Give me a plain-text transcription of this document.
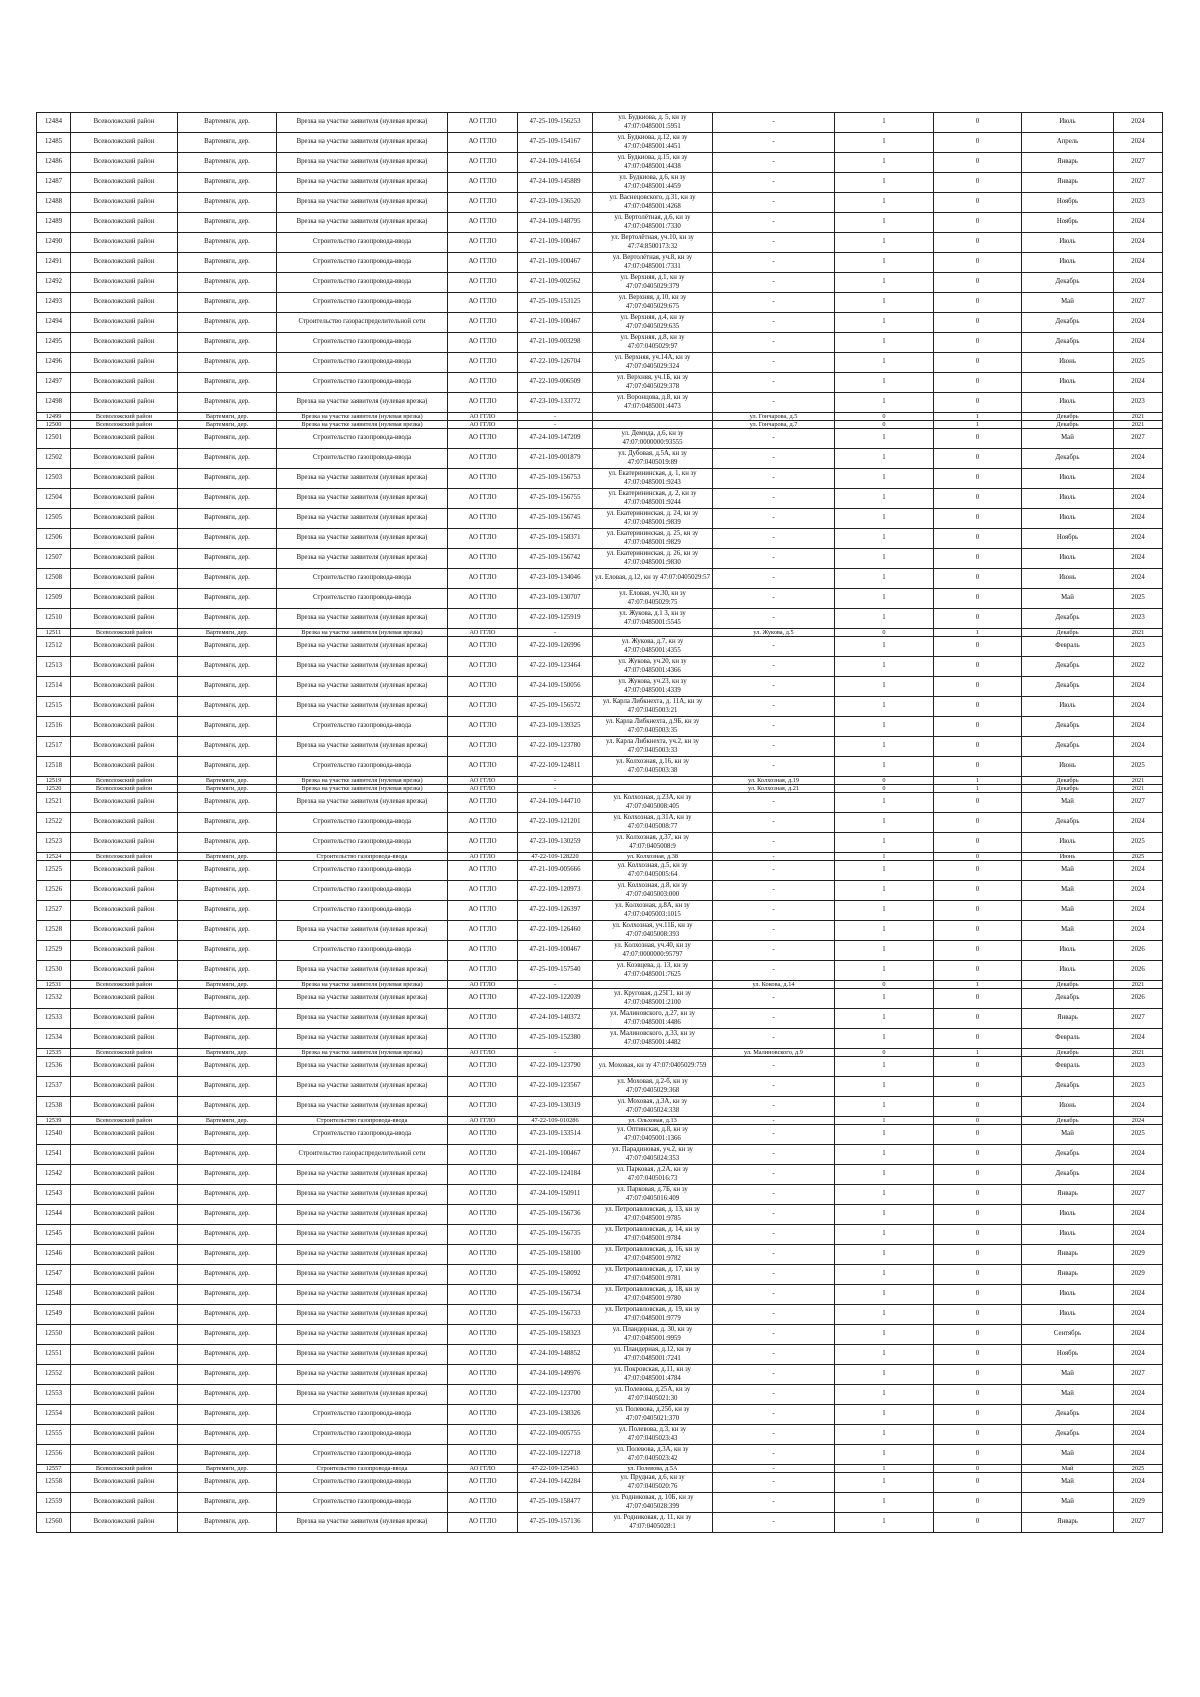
12484	Всеволожский район	Вартемяги, дер.	Врезка на участке заявителя (нулевая врезка)	АО ГГЛО	47-25-109-156253	ул. Будкиова, д. 5, кн зу 47:07:0485001:5951	-	1	0	Июль	2024
12485	Всеволожский район	Вартемяги, дер.	Врезка на участке заявителя (нулевая врезка)	АО ГГЛО	47-25-109-154167	ул. Будкиова, д.12, кн зу 47:07:0485001:4451	-	1	0	Апрель	2024
12486	Всеволожский район	Вартемяги, дер.	Врезка на участке заявителя (нулевая врезка)	АО ГГЛО	47-24-109-141654	ул. Будкиова, д.15, кн зу 47:07:0485001:4438	-	1	0	Январь	2027
12487	Всеволожский район	Вартемяги, дер.	Врезка на участке заявителя (нулевая врезка)	АО ГГЛО	47-24-109-145889	ул. Будкиова, д.6, кн зу 47:07:0485001:4459	-	1	0	Январь	2027
12488	Всеволожский район	Вартемяги, дер.	Врезка на участке заявителя (нулевая врезка)	АО ГГЛО	47-23-109-136520	ул. Васнецовского, д.31, кн зу 47:07:0485001:4268	-	1	0	Ноябрь	2023
12489	Всеволожский район	Вартемяги, дер.	Врезка на участке заявителя (нулевая врезка)	АО ГГЛО	47-24-109-148795	ул. Вертолётная, д.6, кн зу 47:07:0485001:7330	-	1	0	Ноябрь	2024
12490	Всеволожский район	Вартемяги, дер.	Строительство газопровода-ввода	АО ГГЛО	47-21-109-100467	ул. Вертолётная, уч.10, кн зу 47:74:8500173:32	-	1	0	Июль	2024
12491	Всеволожский район	Вартемяги, дер.	Строительство газопровода-ввода	АО ГГЛО	47-21-109-100467	ул. Вертолётная, уч.8, кн зу 47:07:0485001:7331	-	1	0	Июль	2024
12492	Всеволожский район	Вартемяги, дер.	Строительство газопровода-ввода	АО ГГЛО	47-21-109-002562	ул. Верхняя, д.1, кн зу 47:07:0405029:379	-	1	0	Декабрь	2024
12493	Всеволожский район	Вартемяги, дер.	Строительство газопровода-ввода	АО ГГЛО	47-25-109-153125	ул. Верхняя, д.10, кн зу 47:07:0405029:675	-	1	0	Май	2027
12494	Всеволожский район	Вартемяги, дер.	Строительство газораспределительной сети	АО ГГЛО	47-21-109-100467	ул. Верхняя, д.4, кн зу 47:07:0405029:635	-	1	0	Декабрь	2024
12495	Всеволожский район	Вартемяги, дер.	Строительство газопровода-ввода	АО ГГЛО	47-21-109-003298	ул. Верхняя, д.8, кн зу 47:07:0405029:97	-	1	0	Декабрь	2024
12496	Всеволожский район	Вартемяги, дер.	Строительство газопровода-ввода	АО ГГЛО	47-22-109-126704	ул. Верхняя, уч.14А, кн зу 47:07:0405029:324	-	1	0	Июнь	2025
12497	Всеволожский район	Вартемяги, дер.	Строительство газопровода-ввода	АО ГГЛО	47-22-109-006509	ул. Верхняя, уч.1Б, кн зу 47:07:0405029:378	-	1	0	Июль	2024
12498	Всеволожский район	Вартемяги, дер.	Врезка на участке заявителя (нулевая врезка)	АО ГГЛО	47-23-109-133772	ул. Воронцова, д.8, кн зу 47:07:0485001:4473	-	1	0	Июль	2023
12499	Всеволожский район	Вартемяги, дер.	Врезка на участке заявителя (нулевая врезка)	АО ГГЛО	-		ул. Гончарова, д.5	0	1	Декабрь	2021
12500	Всеволожский район	Вартемяги, дер.	Врезка на участке заявителя (нулевая врезка)	АО ГГЛО	-		ул. Гончарова, д.7	0	1	Декабрь	2021
12501	Всеволожский район	Вартемяги, дер.	Строительство газопровода-ввода	АО ГГЛО	47-24-109-147209	ул. Демида, д.6, кн зу 47:07:0000000:93555	-	1	0	Май	2027
12502	Всеволожский район	Вартемяги, дер.	Строительство газопровода-ввода	АО ГГЛО	47-21-109-001879	ул. Дубовая, д.5А, кн зу 47:07:0405019:89	-	1	0	Декабрь	2024
12503	Всеволожский район	Вартемяги, дер.	Врезка на участке заявителя (нулевая врезка)	АО ГГЛО	47-25-109-156753	ул. Екатерининская, д. 1, кн зу 47:07:0485001:9243	-	1	0	Июль	2024
12504	Всеволожский район	Вартемяги, дер.	Врезка на участке заявителя (нулевая врезка)	АО ГГЛО	47-25-109-156755	ул. Екатерининская, д. 2, кн зу 47:07:0485001:9244	-	1	0	Июль	2024
12505	Всеволожский район	Вартемяги, дер.	Врезка на участке заявителя (нулевая врезка)	АО ГГЛО	47-25-109-156745	ул. Екатерининская, д. 24, кн зу 47:07:0485001:9839	-	1	0	Июль	2024
12506	Всеволожский район	Вартемяги, дер.	Врезка на участке заявителя (нулевая врезка)	АО ГГЛО	47-25-109-158371	ул. Екатерининская, д. 25, кн зу 47:07:0485001:9829	-	1	0	Ноябрь	2024
12507	Всеволожский район	Вартемяги, дер.	Врезка на участке заявителя (нулевая врезка)	АО ГГЛО	47-25-109-156742	ул. Екатерининская, д. 26, кн зу 47:07:0485001:9830	-	1	0	Июль	2024
12508	Всеволожский район	Вартемяги, дер.	Строительство газопровода-ввода	АО ГГЛО	47-23-109-134046	ул. Еловая, д.12, кн зу 47:07:0405029:57	-	1	0	Июнь	2024
12509	Всеволожский район	Вартемяги, дер.	Строительство газопровода-ввода	АО ГГЛО	47-23-109-130707	ул. Еловая, уч.30, кн зу 47:07:0405029:75	-	1	0	Май	2025
12510	Всеволожский район	Вартемяги, дер.	Врезка на участке заявителя (нулевая врезка)	АО ГГЛО	47-22-109-125919	ул. Жукова, д.1 3, кн зу 47:07:0485001:5545	-	1	0	Декабрь	2023
12511	Всеволожский район	Вартемяги, дер.	Врезка на участке заявителя (нулевая врезка)	АО ГГЛО	-		ул. Жукова, д.5	0	1	Декабрь	2021
12512	Всеволожский район	Вартемяги, дер.	Врезка на участке заявителя (нулевая врезка)	АО ГГЛО	47-22-109-126996	ул. Жукова, д.7, кн зу 47:07:0485001:4355	-	1	0	Февраль	2023
12513	Всеволожский район	Вартемяги, дер.	Врезка на участке заявителя (нулевая врезка)	АО ГГЛО	47-22-109-123464	ул. Жукова, уч.20, кн зу 47:07:0485001:4366	-	1	0	Декабрь	2022
12514	Всеволожский район	Вартемяги, дер.	Врезка на участке заявителя (нулевая врезка)	АО ГГЛО	47-24-109-150056	ул. Жукова, уч.23, кн зу 47:07:0485001:4339	-	1	0	Декабрь	2024
12515	Всеволожский район	Вартемяги, дер.	Врезка на участке заявителя (нулевая врезка)	АО ГГЛО	47-25-109-156572	ул. Карла Либкнехта, д. 11А, кн зу 47:07:0405003:21	-	1	0	Июль	2024
12516	Всеволожский район	Вартемяги, дер.	Строительство газопровода-ввода	АО ГГЛО	47-23-109-139325	ул. Карла Либкнехта, д.9Б, кн зу 47:07:0405003:35	-	1	0	Декабрь	2024
12517	Всеволожский район	Вартемяги, дер.	Врезка на участке заявителя (нулевая врезка)	АО ГГЛО	47-22-109-123780	ул. Карла Либкнехта, уч.2, кн зу 47:07:0405003:33	-	1	0	Декабрь	2024
12518	Всеволожский район	Вартемяги, дер.	Строительство газопровода-ввода	АО ГГЛО	47-22-109-124811	ул. Колхозная, д.16, кн зу 47:07:0405003:38	-	1	0	Июнь	2025
12519	Всеволожский район	Вартемяги, дер.	Врезка на участке заявителя (нулевая врезка)	АО ГГЛО	-		ул. Колхозная, д.19	0	1	Декабрь	2021
12520	Всеволожский район	Вартемяги, дер.	Врезка на участке заявителя (нулевая врезка)	АО ГГЛО	-		ул. Колхозная, д.21	0	1	Декабрь	2021
12521	Всеволожский район	Вартемяги, дер.	Врезка на участке заявителя (нулевая врезка)	АО ГГЛО	47-24-109-144710	ул. Колхозная, д.23А, кн зу 47:07:0405008:405	-	1	0	Май	2027
12522	Всеволожский район	Вартемяги, дер.	Строительство газопровода-ввода	АО ГГЛО	47-22-109-121201	ул. Колхозная, д.31А, кн зу 47:07:0405008:77	-	1	0	Декабрь	2024
12523	Всеволожский район	Вартемяги, дер.	Строительство газопровода-ввода	АО ГГЛО	47-23-109-130259	ул. Колхозная, д.37, кн зу 47:07:0405008:9	-	1	0	Июль	2025
12524	Всеволожский район	Вартемяги, дер.	Строительство газопровода-ввода	АО ГГЛО	47-22-109-128220	ул. Колхозная, д.38	-	1	0	Июнь	2025
12525	Всеволожский район	Вартемяги, дер.	Строительство газопровода-ввода	АО ГГЛО	47-21-109-005666	ул. Колхозная, д.5, кн зу 47:07:0405005:64	-	1	0	Май	2024
12526	Всеволожский район	Вартемяги, дер.	Строительство газопровода-ввода	АО ГГЛО	47-22-109-120973	ул. Колхозная, д.8, кн зу 47:07:0405003:000	-	1	0	Май	2024
12527	Всеволожский район	Вартемяги, дер.	Строительство газопровода-ввода	АО ГГЛО	47-22-109-126397	ул. Колхозная, д.8А, кн зу 47:07:0405003:1015	-	1	0	Май	2024
12528	Всеволожский район	Вартемяги, дер.	Врезка на участке заявителя (нулевая врезка)	АО ГГЛО	47-22-109-126460	ул. Колхозная, уч.11Б, кн зу 47:07:0405008:393	-	1	0	Май	2024
12529	Всеволожский район	Вартемяги, дер.	Строительство газопровода-ввода	АО ГГЛО	47-21-109-100467	ул. Колхозная, уч.40, кн зу 47:07:0000000:95797	-	1	0	Июль	2026
12530	Всеволожский район	Вартемяги, дер.	Врезка на участке заявителя (нулевая врезка)	АО ГГЛО	47-25-109-157540	ул. Коэвцева, д. 13, кн зу 47:07:0485001:7625	-	1	0	Июль	2026
12531	Всеволожский район	Вартемяги, дер.	Врезка на участке заявителя (нулевая врезка)	АО ГГЛО	-		ул. Кокова, д.14	0	1	Декабрь	2021
12532	Всеволожский район	Вартемяги, дер.	Врезка на участке заявителя (нулевая врезка)	АО ГГЛО	47-22-109-122039	ул. Круговая, д.25Г1, кн зу 47:07:0485001:2100	-	1	0	Декабрь	2026
12533	Всеволожский район	Вартемяги, дер.	Врезка на участке заявителя (нулевая врезка)	АО ГГЛО	47-24-109-140372	ул. Малиновского, д.27, кн зу 47:07:0485001:4486	-	1	0	Январь	2027
12534	Всеволожский район	Вартемяги, дер.	Врезка на участке заявителя (нулевая врезка)	АО ГГЛО	47-25-109-152380	ул. Малиновского, д.33, кн зу 47:07:0485001:4482	-	1	0	Февраль	2024
12535	Всеволожский район	Вартемяги, дер.	Врезка на участке заявителя (нулевая врезка)	АО ГГЛО	-		ул. Малиновского, д.9	0	1	Декабрь	2021
12536	Всеволожский район	Вартемяги, дер.	Врезка на участке заявителя (нулевая врезка)	АО ГГЛО	47-22-109-123790	ул. Моховая, кн зу 47:07:0405029:759	-	1	0	Февраль	2023
12537	Всеволожский район	Вартемяги, дер.	Врезка на участке заявителя (нулевая врезка)	АО ГГЛО	47-22-109-123567	ул. Моховая, д.2-б, кн зу 47:07:0405029:368	-	1	0	Декабрь	2023
12538	Всеволожский район	Вартемяги, дер.	Врезка на участке заявителя (нулевая врезка)	АО ГГЛО	47-23-109-130319	ул. Моховая, д.3А, кн зу 47:07:0405024:338	-	1	0	Июнь	2024
12539	Всеволожский район	Вартемяги, дер.	Строительство газопровода-ввода	АО ГГЛО	47-22-109-010286	ул. Ольховая, д.13	-	1	0	Декабрь	2024
12540	Всеволожский район	Вартемяги, дер.	Строительство газопровода-ввода	АО ГГЛО	47-23-109-133514	ул. Оптинская, д.8, кн зу 47:07:0405001:1366	-	1	0	Май	2025
12541	Всеволожский район	Вартемяги, дер.	Строительство газораспределительной сети	АО ГГЛО	47-21-109-100467	ул. Парадиновая, уч.2, кн зу 47:07:0405024:353	-	1	0	Декабрь	2024
12542	Всеволожский район	Вартемяги, дер.	Врезка на участке заявителя (нулевая врезка)	АО ГГЛО	47-22-109-124184	ул. Парковая, д.2А, кн зу 47:07:0405016:73	-	1	0	Декабрь	2024
12543	Всеволожский район	Вартемяги, дер.	Врезка на участке заявителя (нулевая врезка)	АО ГГЛО	47-24-109-150911	ул. Парковая, д.7Б, кн зу 47:07:0405016:409	-	1	0	Январь	2027
12544	Всеволожский район	Вартемяги, дер.	Врезка на участке заявителя (нулевая врезка)	АО ГГЛО	47-25-109-156736	ул. Петропавловская, д. 13, кн зу 47:07:0485001:9785	-	1	0	Июль	2024
12545	Всеволожский район	Вартемяги, дер.	Врезка на участке заявителя (нулевая врезка)	АО ГГЛО	47-25-109-156735	ул. Петропавловская, д. 14, кн зу 47:07:0485001:9784	-	1	0	Июль	2024
12546	Всеволожский район	Вартемяги, дер.	Врезка на участке заявителя (нулевая врезка)	АО ГГЛО	47-25-109-158100	ул. Петропавловская, д. 16, кн зу 47:07:0485001:9782	-	1	0	Январь	2029
12547	Всеволожский район	Вартемяги, дер.	Врезка на участке заявителя (нулевая врезка)	АО ГГЛО	47-25-109-158092	ул. Петропавловская, д. 17, кн зу 47:07:0485001:9781	-	1	0	Январь	2029
12548	Всеволожский район	Вартемяги, дер.	Врезка на участке заявителя (нулевая врезка)	АО ГГЛО	47-25-109-156734	ул. Петропавловская, д. 18, кн зу 47:07:0485001:9780	-	1	0	Июль	2024
12549	Всеволожский район	Вартемяги, дер.	Врезка на участке заявителя (нулевая врезка)	АО ГГЛО	47-25-109-156733	ул. Петропавловская, д. 19, кн зу 47:07:0485001:9779	-	1	0	Июль	2024
12550	Всеволожский район	Вартемяги, дер.	Врезка на участке заявителя (нулевая врезка)	АО ГГЛО	47-25-109-158323	ул. Пландерная, д. 30, кн зу 47:07:0485001:9959	-	1	0	Сентябрь	2024
12551	Всеволожский район	Вартемяги, дер.	Врезка на участке заявителя (нулевая врезка)	АО ГГЛО	47-24-109-148852	ул. Пландерная, д.12, кн зу 47:07:0485001:7241	-	1	0	Ноябрь	2024
12552	Всеволожский район	Вартемяги, дер.	Врезка на участке заявителя (нулевая врезка)	АО ГГЛО	47-24-109-149976	ул. Покровская, д.11, кн зу 47:07:0485001:4784	-	1	0	Май	2027
12553	Всеволожский район	Вартемяги, дер.	Врезка на участке заявителя (нулевая врезка)	АО ГГЛО	47-22-109-123700	ул. Полевова, д.25А, кн зу 47:07:0405021:30	-	1	0	Май	2024
12554	Всеволожский район	Вартемяги, дер.	Строительство газопровода-ввода	АО ГГЛО	47-23-109-138326	ул. Полевова, д.25б, кн зу 47:07:0405021:370	-	1	0	Декабрь	2024
12555	Всеволожский район	Вартемяги, дер.	Строительство газопровода-ввода	АО ГГЛО	47-22-109-005755	ул. Полевова, д.3, кн зу 47:07:0405023:43	-	1	0	Декабрь	2024
12556	Всеволожский район	Вартемяги, дер.	Строительство газопровода-ввода	АО ГГЛО	47-22-109-122718	ул. Полевова, д.3А, кн зу 47:07:0405023:42	-	1	0	Май	2024
12557	Всеволожский район	Вартемяги, дер.	Строительство газопровода-ввода	АО ГГЛО	47-22-109-125463	ул. Полевова, д.5А	-	1	0	Май	2025
12558	Всеволожский район	Вартемяги, дер.	Строительство газопровода-ввода	АО ГГЛО	47-24-109-142284	ул. Прудная, д.6, кн зу 47:07:0405020:76	-	1	0	Май	2024
12559	Всеволожский район	Вартемяги, дер.	Строительство газопровода-ввода	АО ГГЛО	47-25-109-158477	ул. Родниковая, д. 10Б, кн зу 47:07:0405028:399	-	1	0	Май	2029
12560	Всеволожский район	Вартемяги, дер.	Врезка на участке заявителя (нулевая врезка)	АО ГГЛО	47-25-109-157136	ул. Родниковая, д. 11, кн зу 47:07:0405028:1	-	1	0	Январь	2027
